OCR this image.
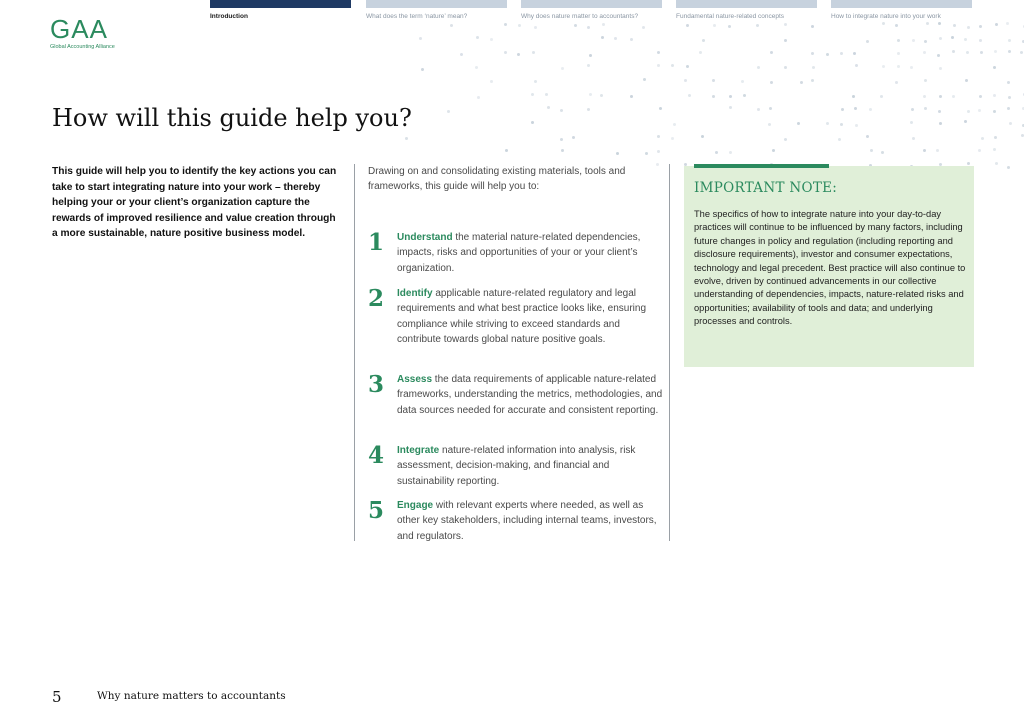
GAA
Global Accounting Alliance
Introduction	What does the term ‘nature’ mean?	Why does nature matter to accountants?	Fundamental nature-related concepts	How to integrate nature into your work
How will this guide help you?

This guide will help you to identify the key actions you can take to start integrating nature into your work – thereby helping your or your client’s organization capture the rewards of improved resilience and value creation through a more sustainable, nature positive business model.

Drawing on and consolidating existing materials, tools and frameworks, this guide will help you to:

1 Understand the material nature-related dependencies, impacts, risks and opportunities of your or your client’s organization.

2 Identify applicable nature-related regulatory and legal requirements and what best practice looks like, ensuring compliance while striving to exceed standards and contribute towards global nature positive goals.

3 Assess the data requirements of applicable nature-related frameworks, understanding the metrics, methodologies, and data sources needed for accurate and consistent reporting.

4 Integrate nature-related information into analysis, risk assessment, decision-making, and financial and sustainability reporting.

5 Engage with relevant experts where needed, as well as other key stakeholders, including internal teams, investors, and regulators.

IMPORTANT NOTE:

The specifics of how to integrate nature into your day-to-day practices will continue to be influenced by many factors, including future changes in policy and regulation (including reporting and disclosure requirements), investor and consumer expectations, technology and legal precedent. Best practice will also continue to evolve, driven by continued advancements in our collective understanding of dependencies, impacts, nature-related risks and opportunities; availability of tools and data; and underlying processes and controls.

5	Why nature matters to accountants
